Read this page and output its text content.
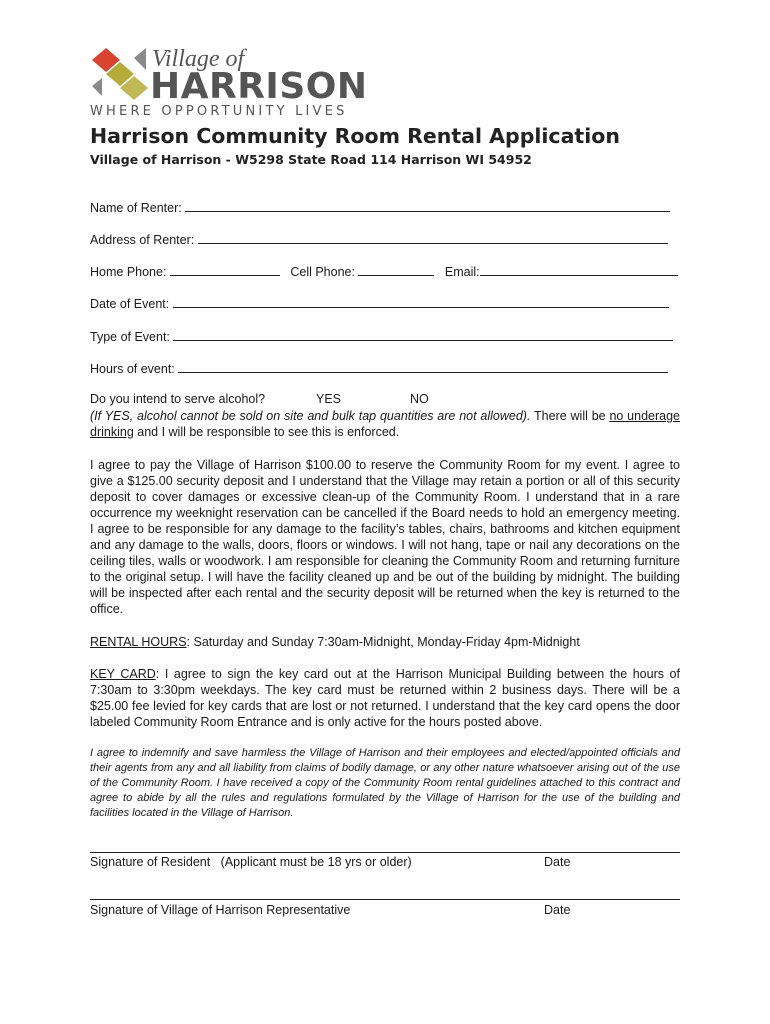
Village of
HARRISON
WHERE OPPORTUNITY LIVES
Harrison Community Room Rental Application
Village of Harrison - W5298 State Road 114 Harrison WI 54952
Name of Renter:
Address of Renter:
Home Phone:	Cell Phone:	Email:
Date of Event:
Type of Event:
Hours of event:
Do you intend to serve alcohol?	YES	NO
(If YES, alcohol cannot be sold on site and bulk tap quantities are not allowed). There will be no underage drinking and I will be responsible to see this is enforced.
I agree to pay the Village of Harrison $100.00 to reserve the Community Room for my event. I agree to give a $125.00 security deposit and I understand that the Village may retain a portion or all of this security deposit to cover damages or excessive clean-up of the Community Room. I understand that in a rare occurrence my weeknight reservation can be cancelled if the Board needs to hold an emergency meeting. I agree to be responsible for any damage to the facility’s tables, chairs, bathrooms and kitchen equipment and any damage to the walls, doors, floors or windows. I will not hang, tape or nail any decorations on the ceiling tiles, walls or woodwork. I am responsible for cleaning the Community Room and returning furniture to the original setup. I will have the facility cleaned up and be out of the building by midnight. The building will be inspected after each rental and the security deposit will be returned when the key is returned to the office.
RENTAL HOURS: Saturday and Sunday 7:30am-Midnight, Monday-Friday 4pm-Midnight
KEY CARD: I agree to sign the key card out at the Harrison Municipal Building between the hours of 7:30am to 3:30pm weekdays. The key card must be returned within 2 business days. There will be a $25.00 fee levied for key cards that are lost or not returned. I understand that the key card opens the door labeled Community Room Entrance and is only active for the hours posted above.
I agree to indemnify and save harmless the Village of Harrison and their employees and elected/appointed officials and their agents from any and all liability from claims of bodily damage, or any other nature whatsoever arising out of the use of the Community Room. I have received a copy of the Community Room rental guidelines attached to this contract and agree to abide by all the rules and regulations formulated by the Village of Harrison for the use of the building and facilities located in the Village of Harrison.
Signature of Resident   (Applicant must be 18 yrs or older)	Date
Signature of Village of Harrison Representative	Date
